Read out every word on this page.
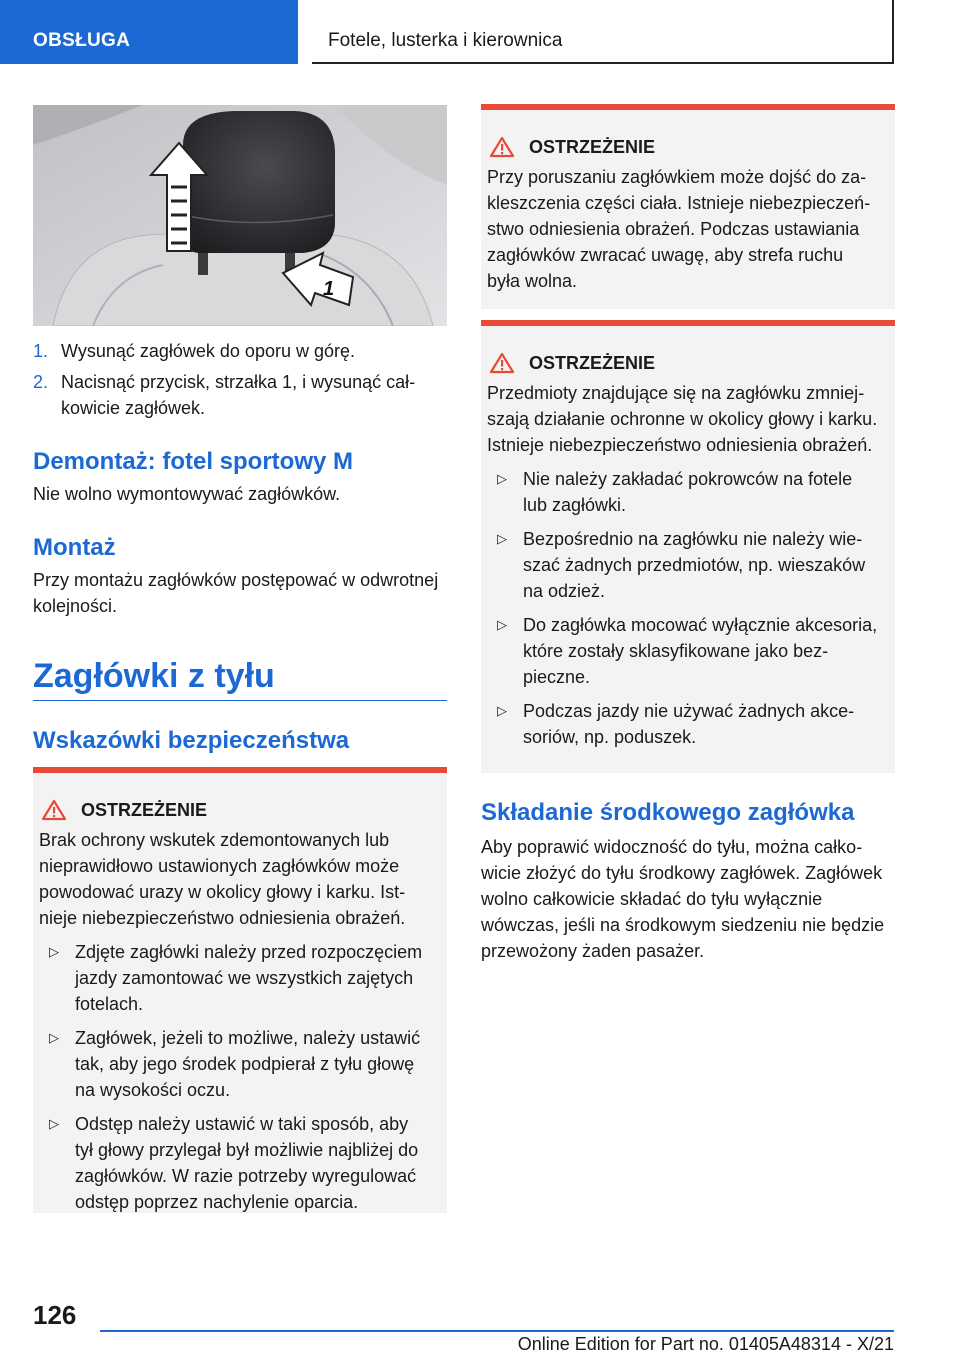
OBSŁUGA	Fotele, lusterka i kierownica
1
1. Wysunąć zagłówek do oporu w górę.
2. Nacisnąć przycisk, strzałka 1, i wysunąć całkowicie zagłówek.
Demontaż: fotel sportowy M

Nie wolno wymontowywać zagłówków.

Montaż

Przy montażu zagłówków postępować w odwrotnej kolejności.

Zagłówki z tyłu
Wskazówki bezpieczeństwa
OSTRZEŻENIE

Brak ochrony wskutek zdemontowanych lub nieprawidłowo ustawionych zagłówków może powodować urazy w okolicy głowy i karku. Istnieje niebezpieczeństwo odniesienia obrażeń.

▷ Zdjęte zagłówki należy przed rozpoczęciem jazdy zamontować we wszystkich zajętych fotelach.
▷ Zagłówek, jeżeli to możliwe, należy ustawić tak, aby jego środek podpierał z tyłu głowę na wysokości oczu.
▷ Odstęp należy ustawić w taki sposób, aby tył głowy przylegał był możliwie najbliżej do zagłówków. W razie potrzeby wyregulować odstęp poprzez nachylenie oparcia.
OSTRZEŻENIE

Przy poruszaniu zagłówkiem może dojść do zakleszczenia części ciała. Istnieje niebezpieczeństwo odniesienia obrażeń. Podczas ustawiania zagłówków zwracać uwagę, aby strefa ruchu była wolna.

OSTRZEŻENIE

Przedmioty znajdujące się na zagłówku zmniejszają działanie ochronne w okolicy głowy i karku. Istnieje niebezpieczeństwo odniesienia obrażeń.

▷ Nie należy zakładać pokrowców na fotele lub zagłówki.
▷ Bezpośrednio na zagłówku nie należy wieszać żadnych przedmiotów, np. wieszaków na odzież.
▷ Do zagłówka mocować wyłącznie akcesoria, które zostały sklasyfikowane jako bezpieczne.
▷ Podczas jazdy nie używać żadnych akcesoriów, np. poduszek.
Składanie środkowego zagłówka

Aby poprawić widoczność do tyłu, można całkowicie złożyć do tyłu środkowy zagłówek. Zagłówek wolno całkowicie składać do tyłu wyłącznie wówczas, jeśli na środkowym siedzeniu nie będzie przewożony żaden pasażer.

126
Online Edition for Part no. 01405A48314 - X/21
